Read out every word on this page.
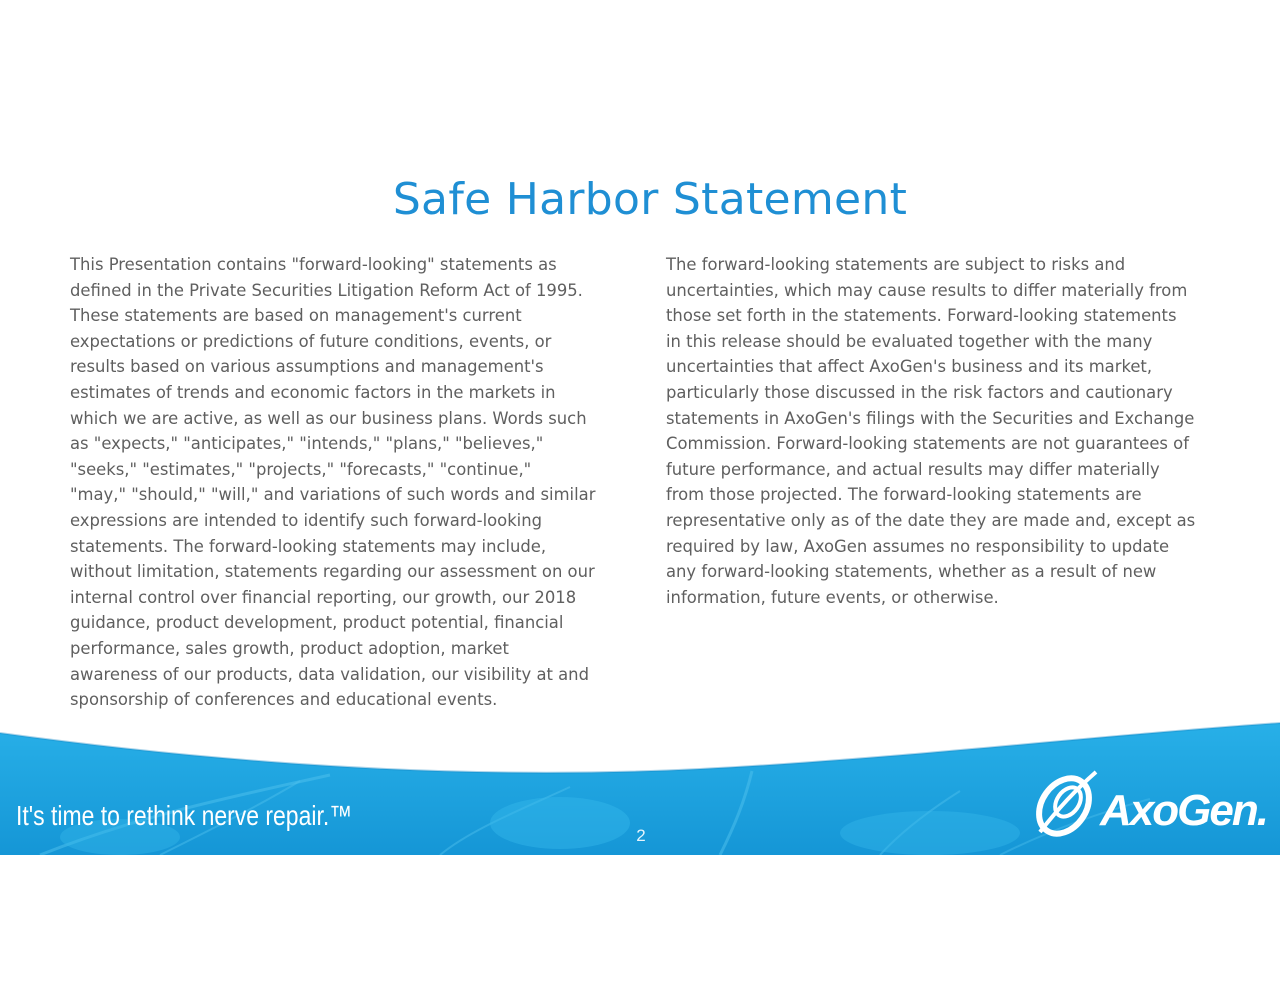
Safe Harbor Statement

This Presentation contains "forward-looking" statements as
defined in the Private Securities Litigation Reform Act of 1995.
These statements are based on management's current
expectations or predictions of future conditions, events, or
results based on various assumptions and management's
estimates of trends and economic factors in the markets in
which we are active, as well as our business plans. Words such
as "expects," "anticipates," "intends," "plans," "believes,"
"seeks," "estimates," "projects," "forecasts," "continue,"
"may," "should," "will," and variations of such words and similar
expressions are intended to identify such forward-looking
statements. The forward-looking statements may include,
without limitation, statements regarding our assessment on our
internal control over financial reporting, our growth, our 2018
guidance, product development, product potential, financial
performance, sales growth, product adoption, market
awareness of our products, data validation, our visibility at and
sponsorship of conferences and educational events.

The forward-looking statements are subject to risks and
uncertainties, which may cause results to differ materially from
those set forth in the statements. Forward-looking statements
in this release should be evaluated together with the many
uncertainties that affect AxoGen's business and its market,
particularly those discussed in the risk factors and cautionary
statements in AxoGen's filings with the Securities and Exchange
Commission. Forward-looking statements are not guarantees of
future performance, and actual results may differ materially
from those projected. The forward-looking statements are
representative only as of the date they are made and, except as
required by law, AxoGen assumes no responsibility to update
any forward-looking statements, whether as a result of new
information, future events, or otherwise.

It's time to rethink nerve repair.™
2
AxoGen.
